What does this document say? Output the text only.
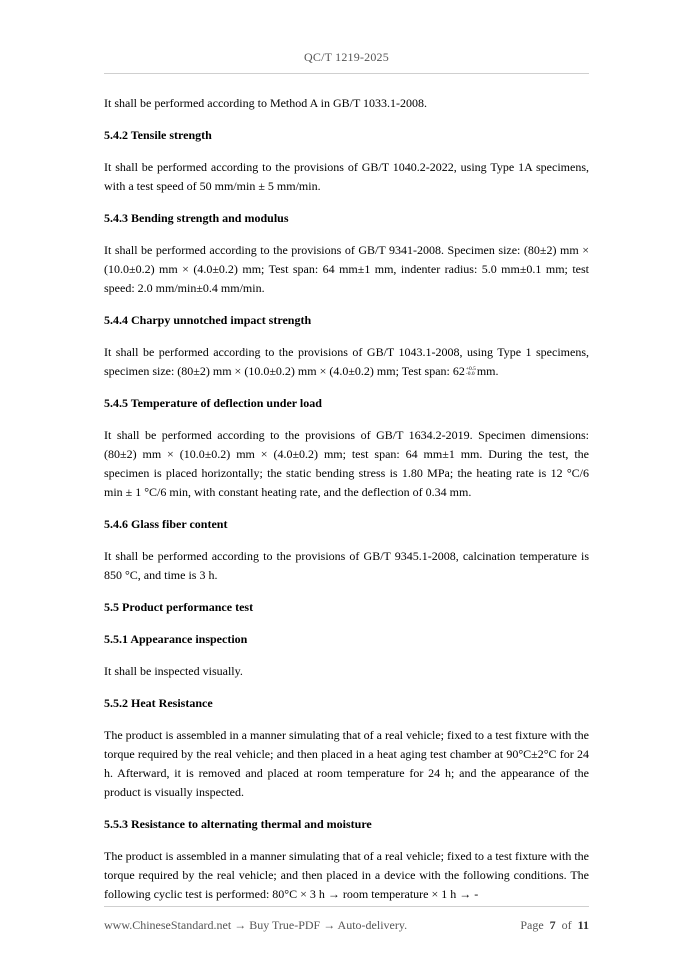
QC/T 1219-2025

It shall be performed according to Method A in GB/T 1033.1-2008.

5.4.2 Tensile strength

It shall be performed according to the provisions of GB/T 1040.2-2022, using Type 1A specimens, with a test speed of 50 mm/min ± 5 mm/min.

5.4.3 Bending strength and modulus

It shall be performed according to the provisions of GB/T 9341-2008. Specimen size: (80±2) mm × (10.0±0.2) mm × (4.0±0.2) mm; Test span: 64 mm±1 mm, indenter radius: 5.0 mm±0.1 mm; test speed: 2.0 mm/min±0.4 mm/min.

5.4.4 Charpy unnotched impact strength

It shall be performed according to the provisions of GB/T 1043.1-2008, using Type 1 specimens, specimen size: (80±2) mm × (10.0±0.2) mm × (4.0±0.2) mm; Test span: 62 +0.5
-0.0 mm.

5.4.5 Temperature of deflection under load

It shall be performed according to the provisions of GB/T 1634.2-2019. Specimen dimensions: (80±2) mm × (10.0±0.2) mm × (4.0±0.2) mm; test span: 64 mm±1 mm. During the test, the specimen is placed horizontally; the static bending stress is 1.80 MPa; the heating rate is 12 °C/6 min ± 1 °C/6 min, with constant heating rate, and the deflection of 0.34 mm.

5.4.6 Glass fiber content

It shall be performed according to the provisions of GB/T 9345.1-2008, calcination temperature is 850 °C, and time is 3 h.

5.5 Product performance test
5.5.1 Appearance inspection

It shall be inspected visually.

5.5.2 Heat Resistance

The product is assembled in a manner simulating that of a real vehicle; fixed to a test fixture with the torque required by the real vehicle; and then placed in a heat aging test chamber at 90°C±2°C for 24 h. Afterward, it is removed and placed at room temperature for 24 h; and the appearance of the product is visually inspected.

5.5.3 Resistance to alternating thermal and moisture

The product is assembled in a manner simulating that of a real vehicle; fixed to a test fixture with the torque required by the real vehicle; and then placed in a device with the following conditions. The following cyclic test is performed: 80°C × 3 h → room temperature × 1 h → -

www.ChineseStandard.net → Buy True-PDF → Auto-delivery.	Page 7 of 11
